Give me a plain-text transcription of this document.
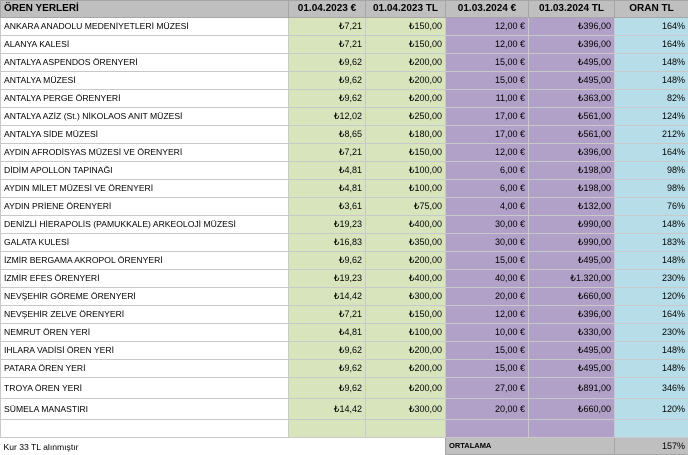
ÖREN YERLERİ	01.04.2023 €	01.04.2023 TL	01.03.2024 €	01.03.2024 TL	ORAN TL
ANKARA ANADOLU MEDENİYETLERİ MÜZESİ	₺7,21	₺150,00	12,00 €	₺396,00	164%
ALANYA KALESİ	₺7,21	₺150,00	12,00 €	₺396,00	164%
ANTALYA ASPENDOS ÖRENYERİ	₺9,62	₺200,00	15,00 €	₺495,00	148%
ANTALYA MÜZESİ	₺9,62	₺200,00	15,00 €	₺495,00	148%
ANTALYA PERGE ÖRENYERİ	₺9,62	₺200,00	11,00 €	₺363,00	82%
ANTALYA AZİZ (St.) NİKOLAOS ANIT MÜZESİ	₺12,02	₺250,00	17,00 €	₺561,00	124%
ANTALYA SİDE MÜZESİ	₺8,65	₺180,00	17,00 €	₺561,00	212%
AYDIN AFRODİSYAS MÜZESİ VE ÖRENYERİ	₺7,21	₺150,00	12,00 €	₺396,00	164%
DİDİM APOLLON TAPINAĞI	₺4,81	₺100,00	6,00 €	₺198,00	98%
AYDIN MİLET MÜZESİ VE ÖRENYERİ	₺4,81	₺100,00	6,00 €	₺198,00	98%
AYDIN PRİENE ÖRENYERİ	₺3,61	₺75,00	4,00 €	₺132,00	76%
DENİZLİ HİERAPOLİS (PAMUKKALE) ARKEOLOJİ MÜZESİ	₺19,23	₺400,00	30,00 €	₺990,00	148%
GALATA KULESİ	₺16,83	₺350,00	30,00 €	₺990,00	183%
İZMİR BERGAMA AKROPOL ÖRENYERİ	₺9,62	₺200,00	15,00 €	₺495,00	148%
İZMİR EFES ÖRENYERİ	₺19,23	₺400,00	40,00 €	₺1.320,00	230%
NEVŞEHİR GÖREME ÖRENYERİ	₺14,42	₺300,00	20,00 €	₺660,00	120%
NEVŞEHİR ZELVE ÖRENYERİ	₺7,21	₺150,00	12,00 €	₺396,00	164%
NEMRUT ÖREN YERİ	₺4,81	₺100,00	10,00 €	₺330,00	230%
IHLARA VADİSİ ÖREN YERİ	₺9,62	₺200,00	15,00 €	₺495,00	148%
PATARA ÖREN YERİ	₺9,62	₺200,00	15,00 €	₺495,00	148%
TROYA ÖREN YERİ	₺9,62	₺200,00	27,00 €	₺891,00	346%
SÜMELA MANASTIRI	₺14,42	₺300,00	20,00 €	₺660,00	120%

Kur 33 TL alınmıştır			ORTALAMA		157%
